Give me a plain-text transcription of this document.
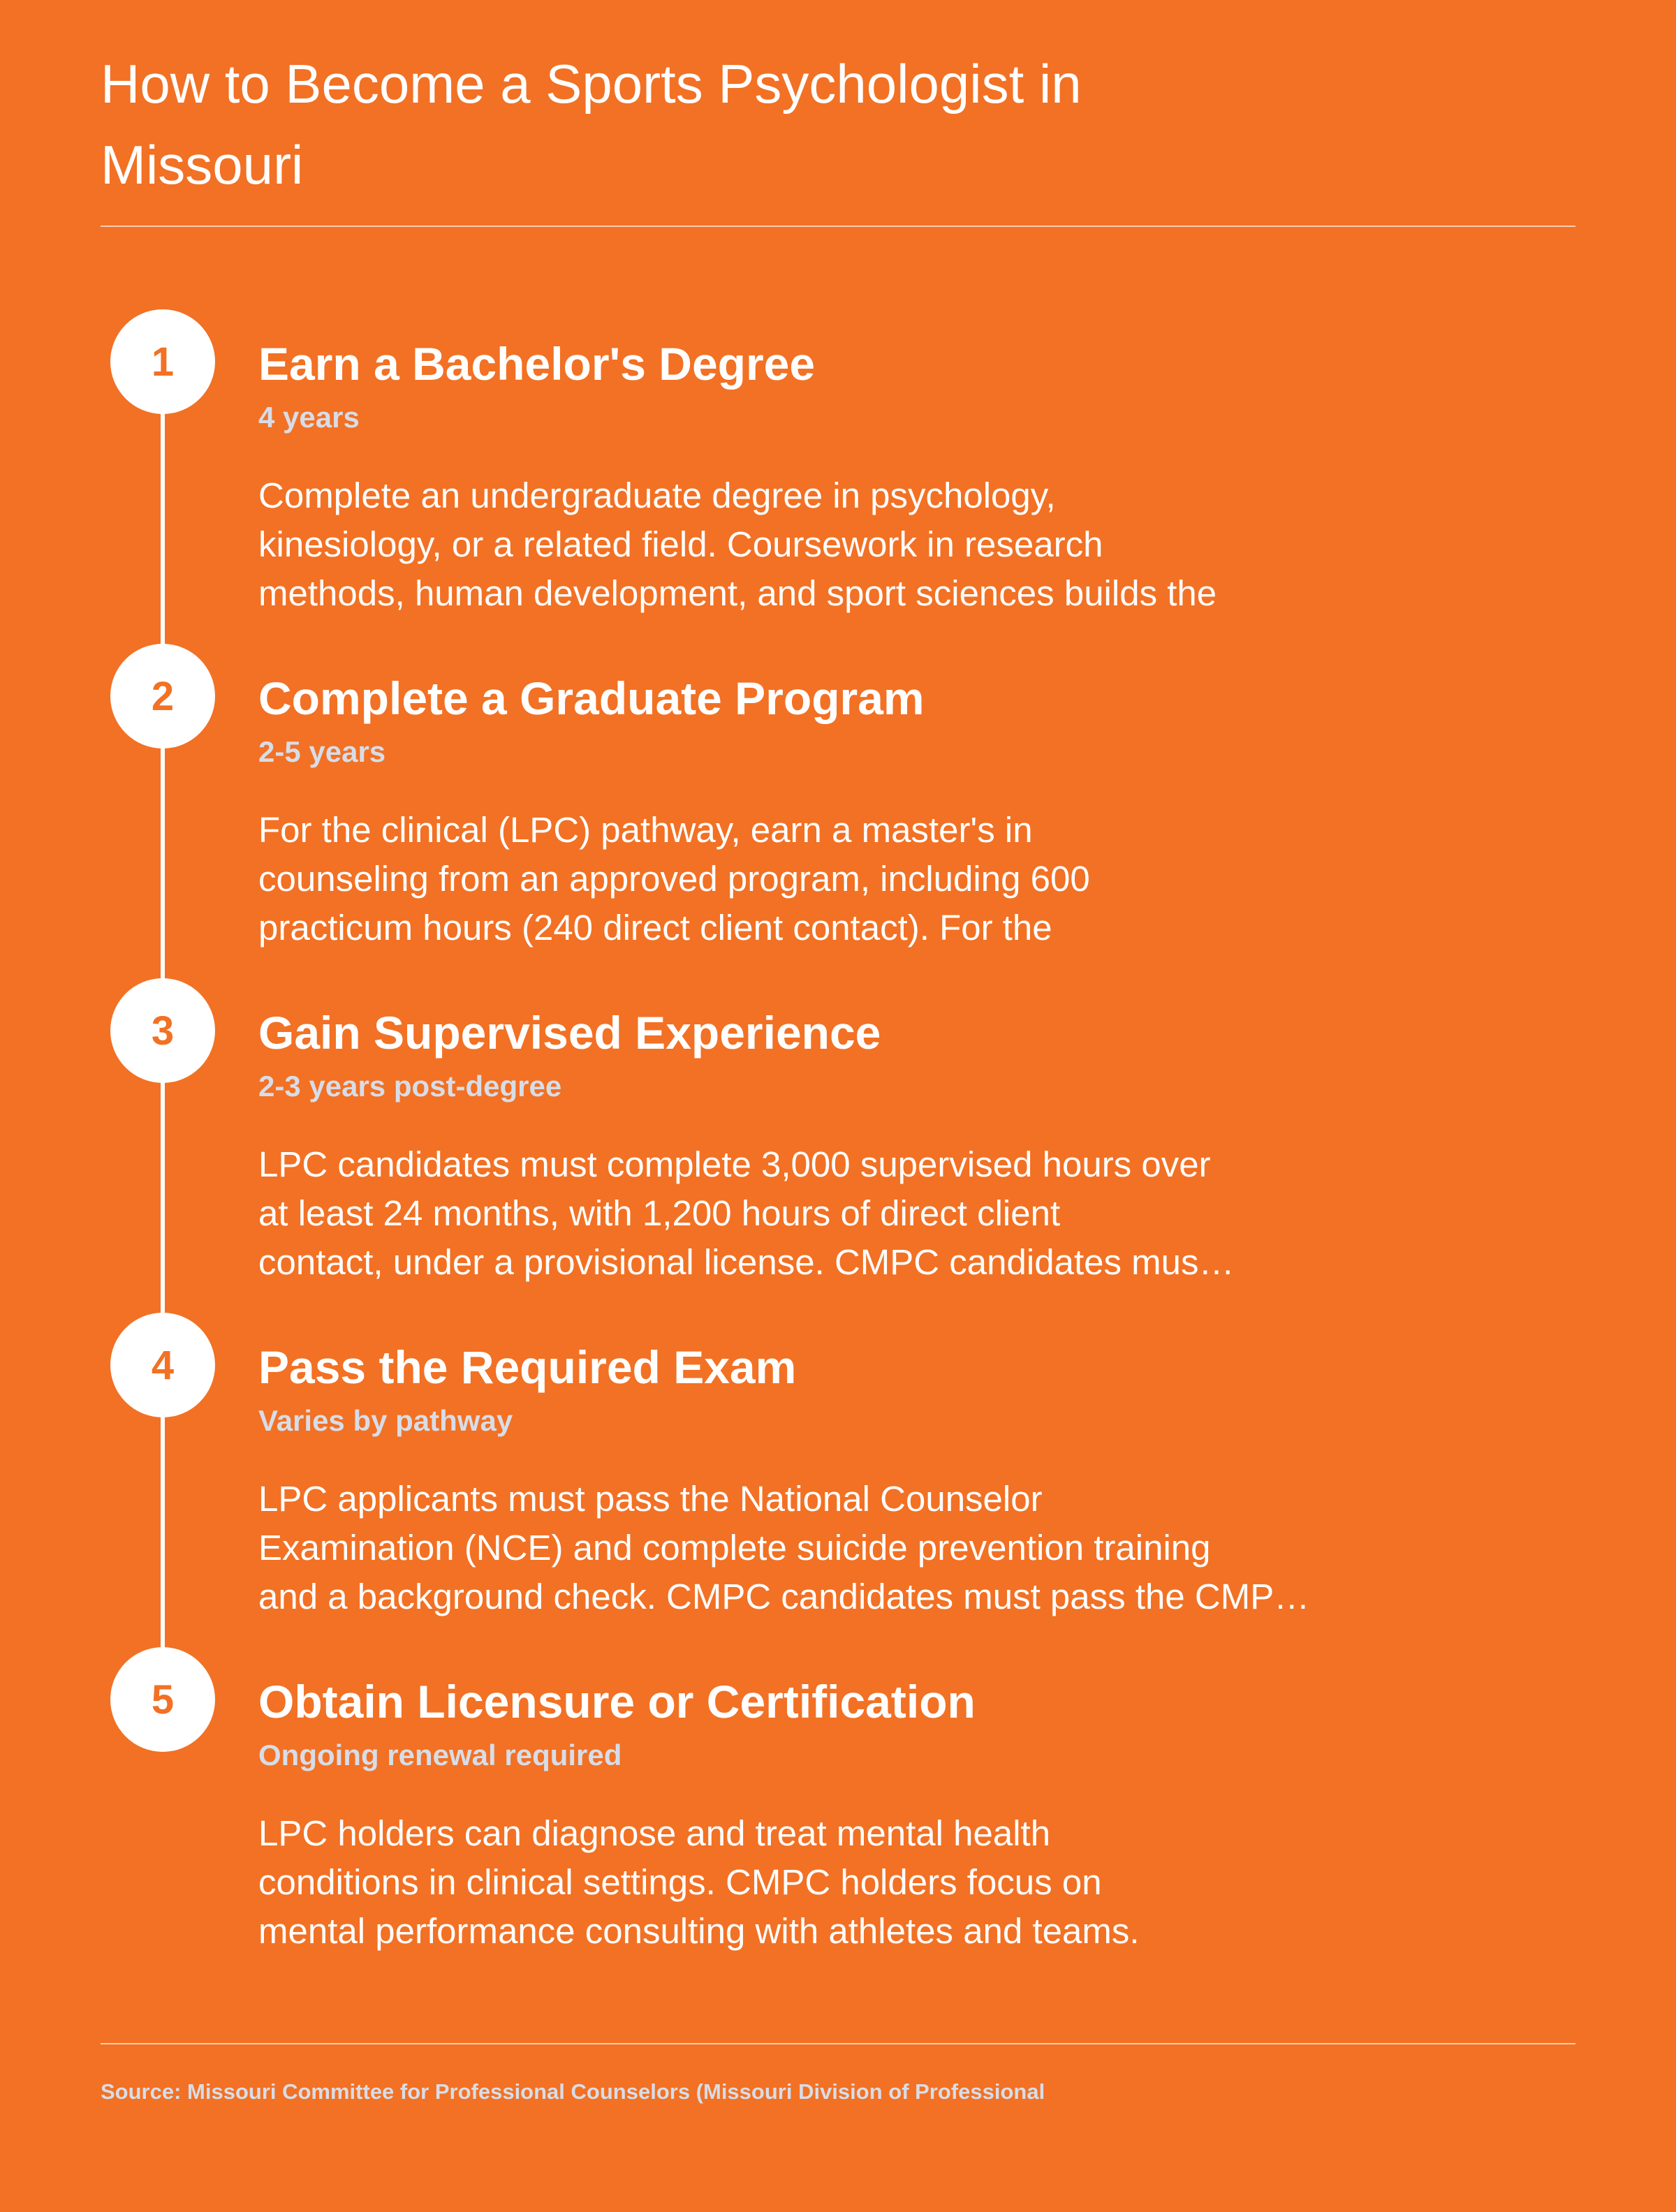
How to Become a Sports Psychologist in
Missouri
1 Earn a Bachelor's Degree
4 years
Complete an undergraduate degree in psychology,
kinesiology, or a related field. Coursework in research
methods, human development, and sport sciences builds the
2 Complete a Graduate Program
2-5 years
For the clinical (LPC) pathway, earn a master's in
counseling from an approved program, including 600
practicum hours (240 direct client contact). For the
3 Gain Supervised Experience
2-3 years post-degree
LPC candidates must complete 3,000 supervised hours over
at least 24 months, with 1,200 hours of direct client
contact, under a provisional license. CMPC candidates mus…
4 Pass the Required Exam
Varies by pathway
LPC applicants must pass the National Counselor
Examination (NCE) and complete suicide prevention training
and a background check. CMPC candidates must pass the CMP…
5 Obtain Licensure or Certification
Ongoing renewal required
LPC holders can diagnose and treat mental health
conditions in clinical settings. CMPC holders focus on
mental performance consulting with athletes and teams.
Source: Missouri Committee for Professional Counselors (Missouri Division of Professional
